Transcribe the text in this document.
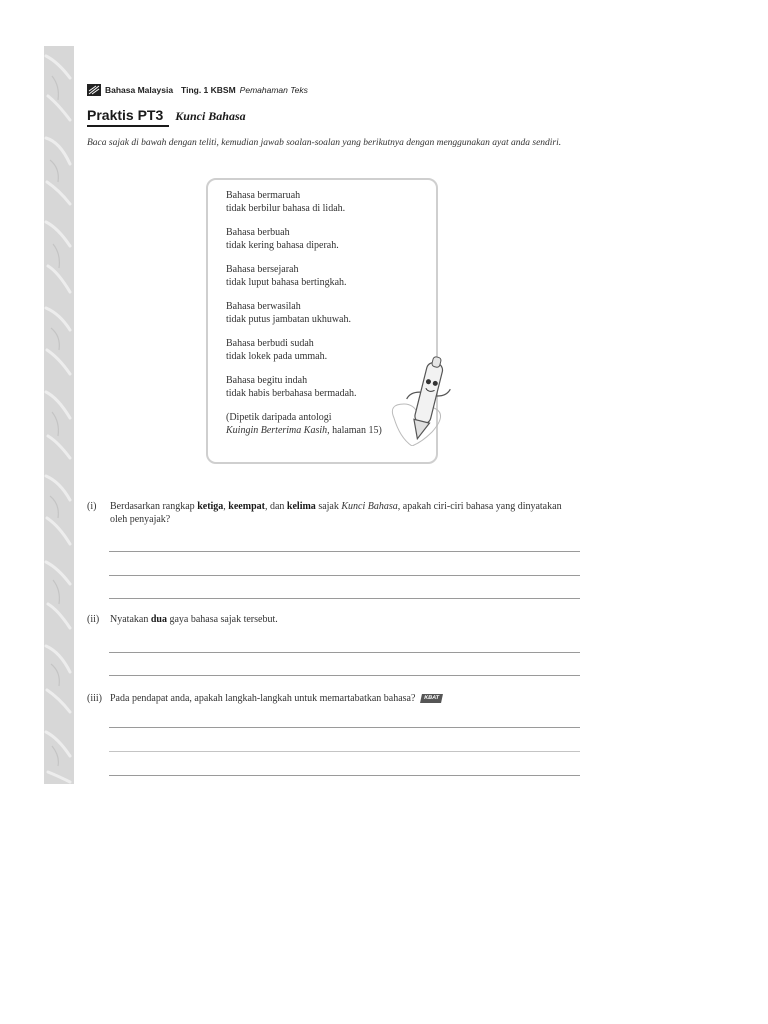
Bahasa Malaysia Ting. 1 KBSM Pemahaman Teks
Praktis PT3 Kunci Bahasa
Baca sajak di bawah dengan teliti, kemudian jawab soalan-soalan yang berikutnya dengan menggunakan ayat anda sendiri.
Bahasa bermaruah
tidak berbilur bahasa di lidah.
Bahasa berbuah
tidak kering bahasa diperah.
Bahasa bersejarah
tidak luput bahasa bertingkah.
Bahasa berwasilah
tidak putus jambatan ukhuwah.
Bahasa berbudi sudah
tidak lokek pada ummah.
Bahasa begitu indah
tidak habis berbahasa bermadah.
(Dipetik daripada antologi
Kuingin Berterima Kasih, halaman 15)
(i)	Berdasarkan rangkap ketiga, keempat, dan kelima sajak Kunci Bahasa, apakah ciri-ciri bahasa yang dinyatakan oleh penyajak?
(ii)	Nyatakan dua gaya bahasa sajak tersebut.
(iii) Pada pendapat anda, apakah langkah-langkah untuk memartabatkan bahasa? KBAT
